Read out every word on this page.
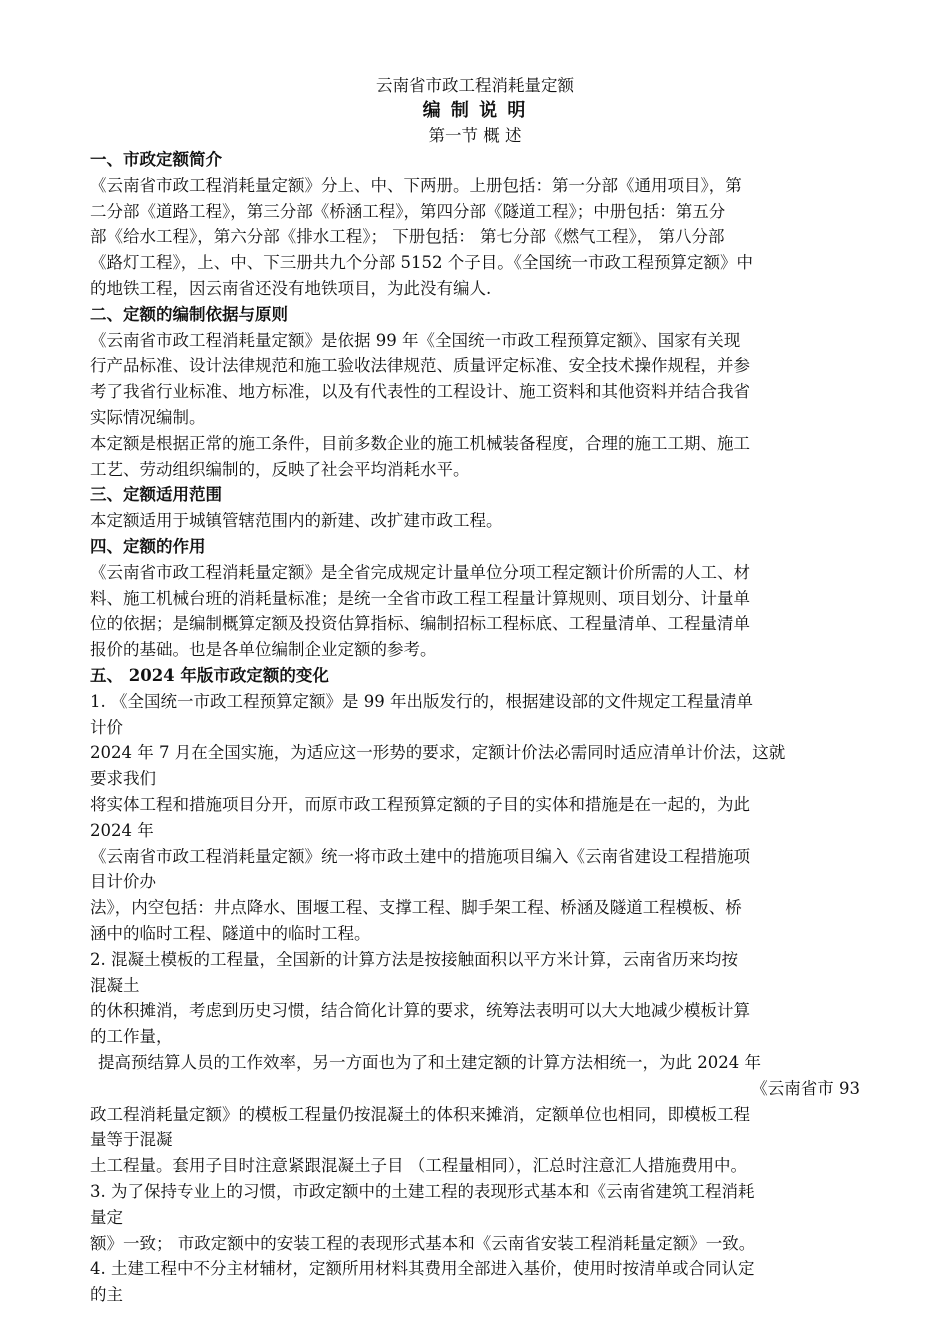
云南省市政工程消耗量定额
编 制 说 明
第一节 概 述
一、市政定额简介
《云南省市政工程消耗量定额》分上、中、下两册。上册包括：第一分部《通用项目》，第
二分部《道路工程》，第三分部《桥涵工程》，第四分部《隧道工程》；中册包括：第五分
部《给水工程》，第六分部《排水工程》； 下册包括： 第七分部《燃气工程》， 第八分部
《路灯工程》，上、中、下三册共九个分部 5152 个子目。《全国统一市政工程预算定额》中
的地铁工程，因云南省还没有地铁项目，为此没有编人.
二、定额的编制依据与原则
《云南省市政工程消耗量定额》是依据 99 年《全国统一市政工程预算定额》、国家有关现
行产品标准、设计法律规范和施工验收法律规范、质量评定标准、安全技术操作规程，并参
考了我省行业标准、地方标准，以及有代表性的工程设计、施工资料和其他资料并结合我省
实际情况编制。
本定额是根据正常的施工条件，目前多数企业的施工机械装备程度，合理的施工工期、施工
工艺、劳动组织编制的，反映了社会平均消耗水平。
三、定额适用范围
本定额适用于城镇管辖范围内的新建、改扩建市政工程。
四、定额的作用
《云南省市政工程消耗量定额》是全省完成规定计量单位分项工程定额计价所需的人工、材
料、施工机械台班的消耗量标准；是统一全省市政工程工程量计算规则、项目划分、计量单
位的依据；是编制概算定额及投资估算指标、编制招标工程标底、工程量清单、工程量清单
报价的基础。也是各单位编制企业定额的参考。
五、 2024 年版市政定额的变化
1. 《全国统一市政工程预算定额》是 99 年出版发行的，根据建设部的文件规定工程量清单
计价
2024 年 7 月在全国实施，为适应这一形势的要求，定额计价法必需同时适应清单计价法，这就
要求我们
将实体工程和措施项目分开，而原市政工程预算定额的子目的实体和措施是在一起的，为此
2024 年
《云南省市政工程消耗量定额》统一将市政土建中的措施项目编入《云南省建设工程措施项
目计价办
法》，内空包括：井点降水、围堰工程、支撑工程、脚手架工程、桥涵及隧道工程模板、桥
涵中的临时工程、隧道中的临时工程。
2. 混凝土模板的工程量，全国新的计算方法是按接触面积以平方米计算，云南省历来均按
混凝土
的休积摊消，考虑到历史习惯，结合简化计算的要求，统筹法表明可以大大地减少模板计算
的工作量，
提高预结算人员的工作效率，另一方面也为了和土建定额的计算方法相统一，为此 2024 年
《云南省市 93
政工程消耗量定额》的模板工程量仍按混凝土的体积来摊消，定额单位也相同，即模板工程
量等于混凝
土工程量。套用子目时注意紧跟混凝土子目 （工程量相同），汇总时注意汇人措施费用中。
3. 为了保持专业上的习惯，市政定额中的土建工程的表现形式基本和《云南省建筑工程消耗
量定
额》一致； 市政定额中的安装工程的表现形式基本和《云南省安装工程消耗量定额》一致。
4. 土建工程中不分主材辅材，定额所用材料其费用全部进入基价，使用时按清单或合同认定
的主
